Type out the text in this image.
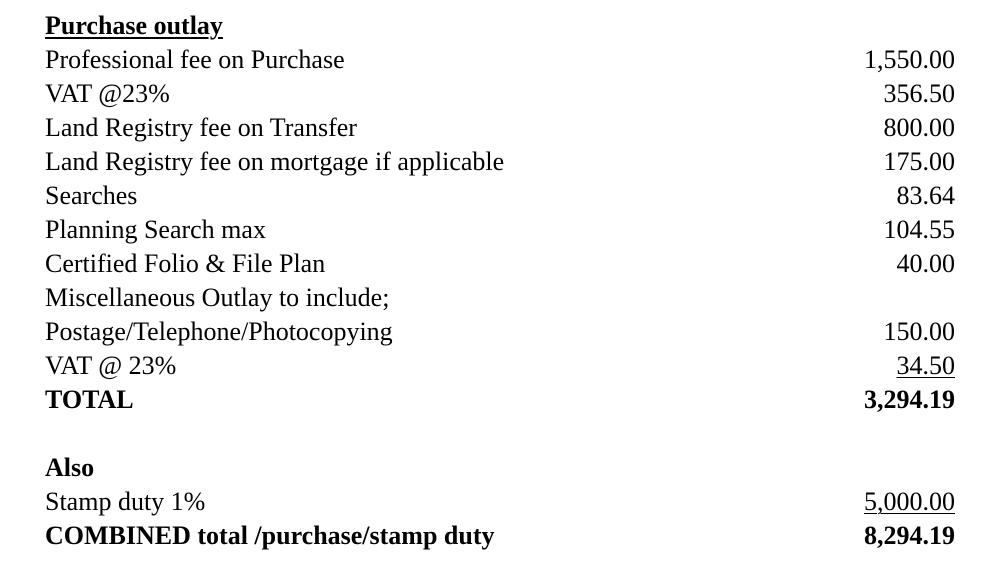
Purchase outlay
Professional fee on Purchase	1,550.00
VAT @23%	356.50
Land Registry fee on Transfer	800.00
Land Registry fee on mortgage if applicable	175.00
Searches	83.64
Planning Search max	104.55
Certified Folio & File Plan	40.00
Miscellaneous Outlay to include;
Postage/Telephone/Photocopying	150.00
VAT @ 23%	34.50
TOTAL	3,294.19
Also
Stamp duty 1%	5,000.00
COMBINED total /purchase/stamp duty	8,294.19
